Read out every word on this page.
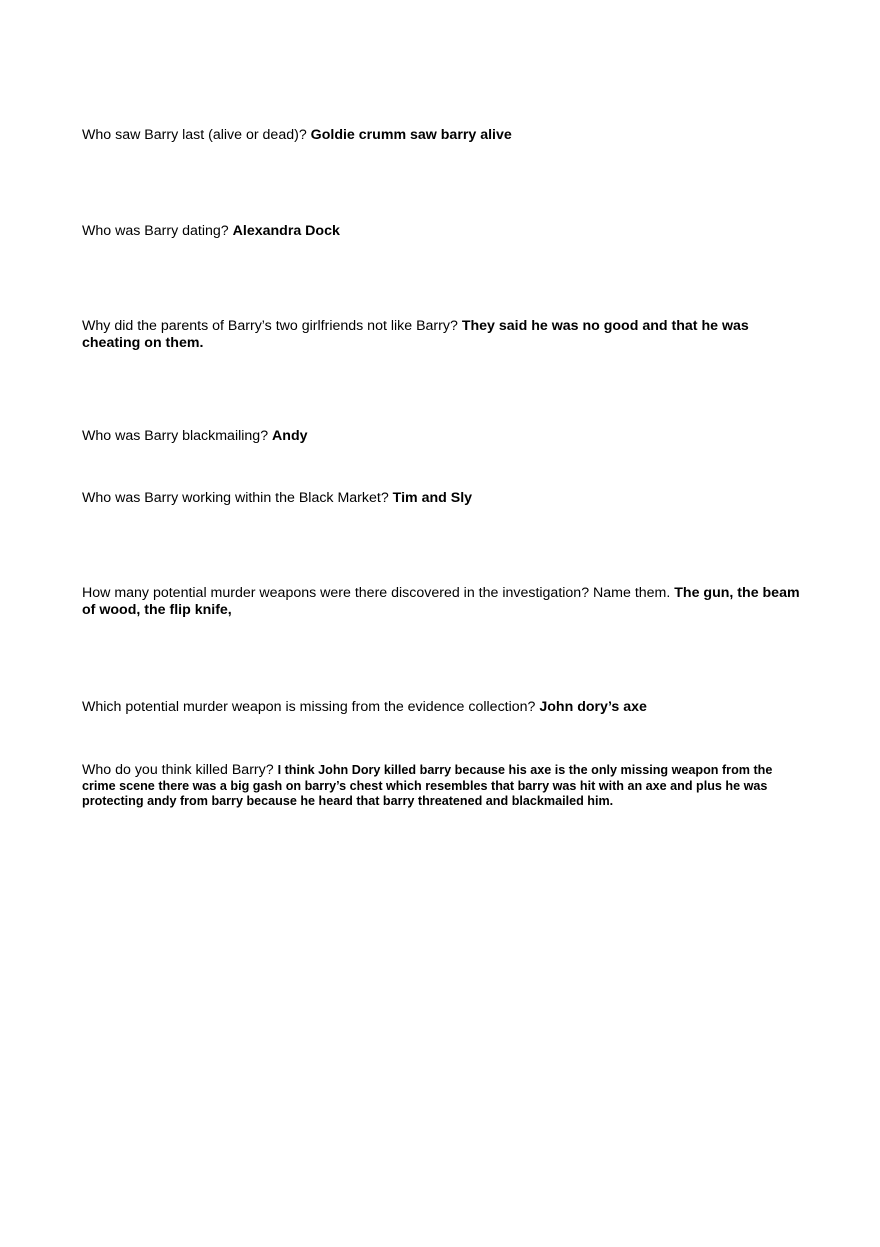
Who saw Barry last (alive or dead)? Goldie crumm saw barry alive

Who was Barry dating? Alexandra Dock

Why did the parents of Barry’s two girlfriends not like Barry? They said he was no good and that he was cheating on them.

Who was Barry blackmailing? Andy

Who was Barry working within the Black Market? Tim and Sly

How many potential murder weapons were there discovered in the investigation? Name them. The gun, the beam of wood, the flip knife,

Which potential murder weapon is missing from the evidence collection? John dory’s axe

Who do you think killed Barry? I think John Dory killed barry because his axe is the only missing weapon from the crime scene there was a big gash on barry’s chest which resembles that barry was hit with an axe and plus he was protecting andy from barry because he heard that barry threatened and blackmailed him.
